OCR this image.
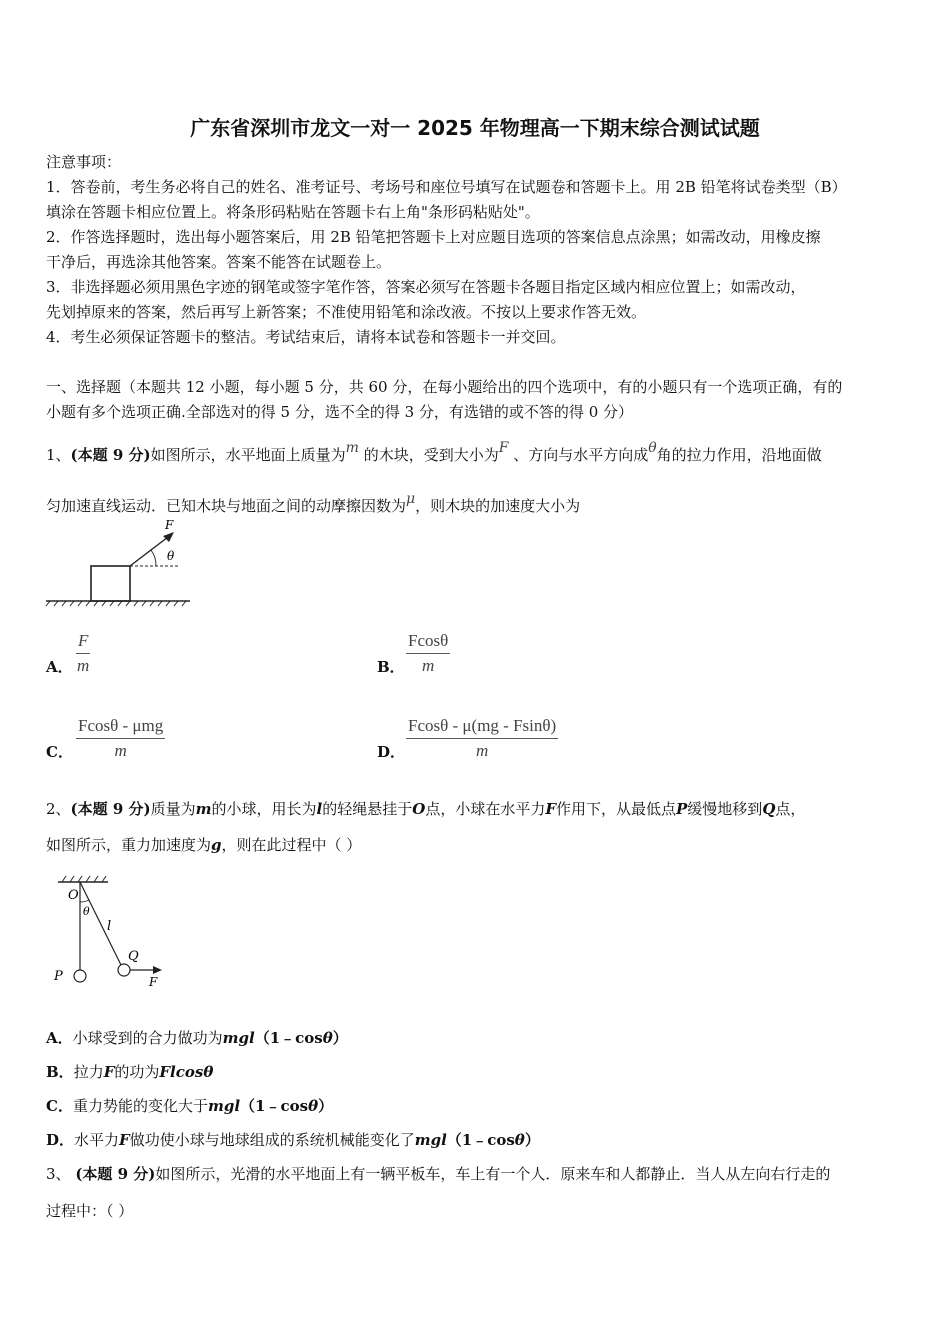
广东省深圳市龙文一对一 2025 年物理高一下期末综合测试试题
注意事项：
1．答卷前，考生务必将自己的姓名、准考证号、考场号和座位号填写在试题卷和答题卡上。用 2B 铅笔将试卷类型（B）
填涂在答题卡相应位置上。将条形码粘贴在答题卡右上角"条形码粘贴处"。
2．作答选择题时，选出每小题答案后，用 2B 铅笔把答题卡上对应题目选项的答案信息点涂黑；如需改动，用橡皮擦
干净后，再选涂其他答案。答案不能答在试题卷上。
3．非选择题必须用黑色字迹的钢笔或签字笔作答，答案必须写在答题卡各题目指定区域内相应位置上；如需改动，
先划掉原来的答案，然后再写上新答案；不准使用铅笔和涂改液。不按以上要求作答无效。
4．考生必须保证答题卡的整洁。考试结束后，请将本试卷和答题卡一并交回。
一、选择题（本题共 12 小题，每小题 5 分，共 60 分，在每小题给出的四个选项中，有的小题只有一个选项正确，有的
小题有多个选项正确.全部选对的得 5 分，选不全的得 3 分，有选错的或不答的得 0 分）
1、(本题 9 分)如图所示，水平地面上质量为m 的木块，受到大小为F 、方向与水平方向成θ角的拉力作用，沿地面做
匀加速直线运动．已知木块与地面之间的动摩擦因数为μ，则木块的加速度大小为
F
θ
A． $\frac{F}{m}$	B． $\frac{Fcos\theta}{m}$
C．
Fcosθ - μmg
m	D． $\frac{Fcos\theta - \mu(mg - Fsin\theta)}{m}$
2、(本题 9 分)质量为m的小球，用长为l的轻绳悬挂于O点，小球在水平力F作用下，从最低点P缓慢地移到Q点，
如图所示，重力加速度为g，则在此过程中（ ）
O
θ
l
Q
P	F
A．小球受到的合力做功为mgl（1﹣cosθ）
B．拉力F的功为Flcosθ
C．重力势能的变化大于mgl（1﹣cosθ）
D．水平力F做功使小球与地球组成的系统机械能变化了mgl（1﹣cosθ）
3、 (本题 9 分)如图所示，光滑的水平地面上有一辆平板车，车上有一个人．原来车和人都静止．当人从左向右行走的
过程中：（ ）
